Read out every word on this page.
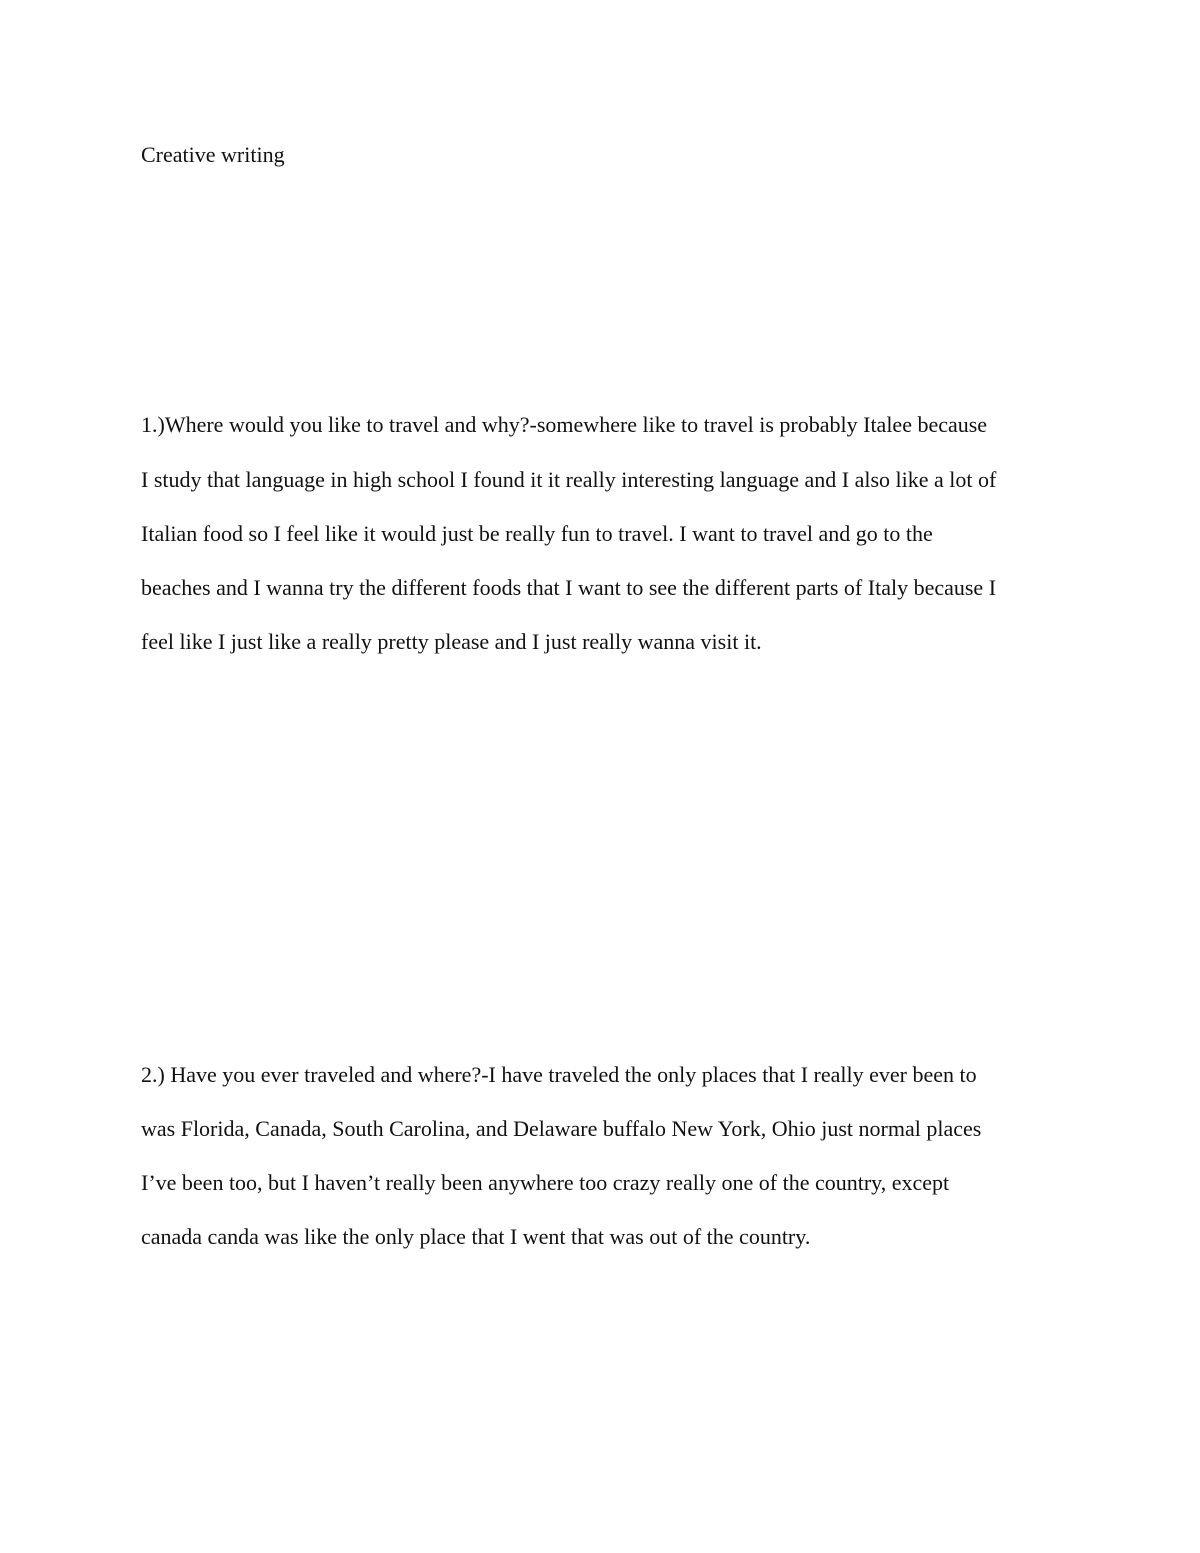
Creative writing
1.)Where would you like to travel and why?-somewhere like to travel is probably Italee because
I study that language in high school I found it it really interesting language and I also like a lot of
Italian food so I feel like it would just be really fun to travel. I want to travel and go to the
beaches and I wanna try the different foods that I want to see the different parts of Italy because I
feel like I just like a really pretty please and I just really wanna visit it.
2.) Have you ever traveled and where?-I have traveled the only places that I really ever been to
was Florida, Canada, South Carolina, and Delaware buffalo New York, Ohio just normal places
I’ve been too, but I haven’t really been anywhere too crazy really one of the country, except
canada canda was like the only place that I went that was out of the country.
